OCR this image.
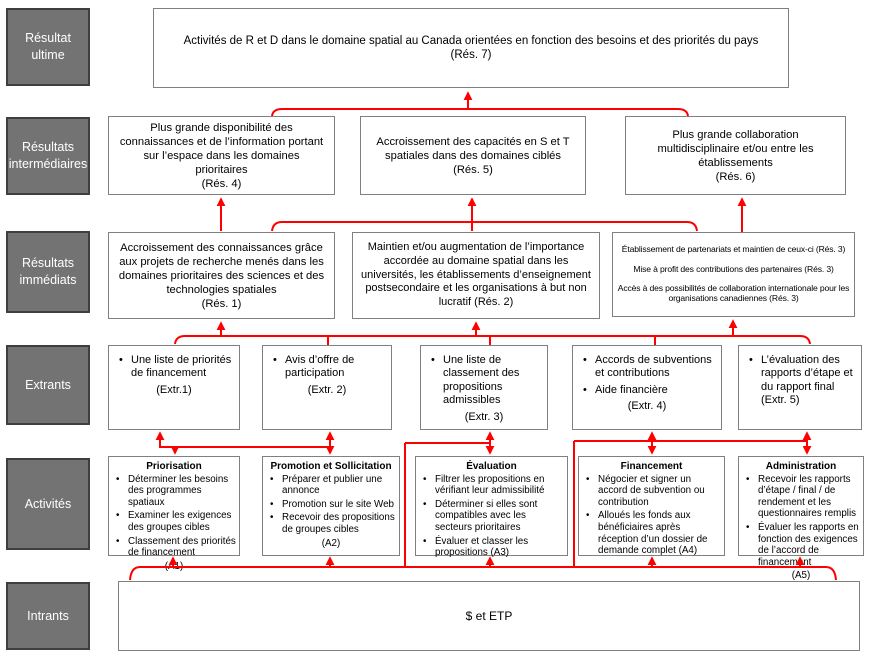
Résultat ultime
Résultats intermédiaires
Résultats immédiats
Extrants
Activités
Intrants
Activités de R et D dans le domaine spatial au Canada orientées en fonction des besoins et des priorités du pays
(Rés. 7)
Plus grande disponibilité des connaissances et de l’information portant sur l’espace dans les domaines prioritaires
(Rés. 4)
Accroissement des capacités en S et T spatiales dans des domaines ciblés
(Rés. 5)
Plus grande collaboration multidisciplinaire et/ou entre les établissements
(Rés. 6)
Accroissement des connaissances grâce aux projets de recherche menés dans les domaines prioritaires des sciences et des technologies spatiales
(Rés. 1)
Maintien et/ou augmentation de l’importance accordée au domaine spatial dans les universités, les établissements d’enseignement postsecondaire et les organisations à but non lucratif (Rés. 2)
Établissement de partenariats et maintien de ceux-ci (Rés. 3)
Mise à profit des contributions des partenaires (Rés. 3)
Accès à des possibilités de collaboration internationale pour les organisations canadiennes (Rés. 3)
• Une liste de priorités de financement
(Extr.1)
• Avis d’offre de participation
(Extr. 2)
• Une liste de classement des propositions admissibles
(Extr. 3)
• Accords de subventions et contributions
• Aide financière
(Extr. 4)
• L’évaluation des rapports d’étape et du rapport final (Extr. 5)
Priorisation
• Déterminer les besoins des programmes spatiaux
• Examiner les exigences des groupes cibles
• Classement des priorités de financement
(A1)
Promotion et Sollicitation
• Préparer et publier une annonce
• Promotion sur le site Web
• Recevoir des propositions de groupes cibles
(A2)
Évaluation
• Filtrer les propositions en vérifiant leur admissibilité
• Déterminer si elles sont compatibles avec les secteurs prioritaires
• Évaluer et classer les propositions (A3)
Financement
• Négocier et signer un accord de subvention ou contribution
• Alloués les fonds aux bénéficiaires après réception d’un dossier de demande complet (A4)
Administration
• Recevoir les rapports d’étape / final / de rendement et les questionnaires remplis
• Évaluer les rapports en fonction des exigences de l’accord de financement
(A5)
$ et ETP
